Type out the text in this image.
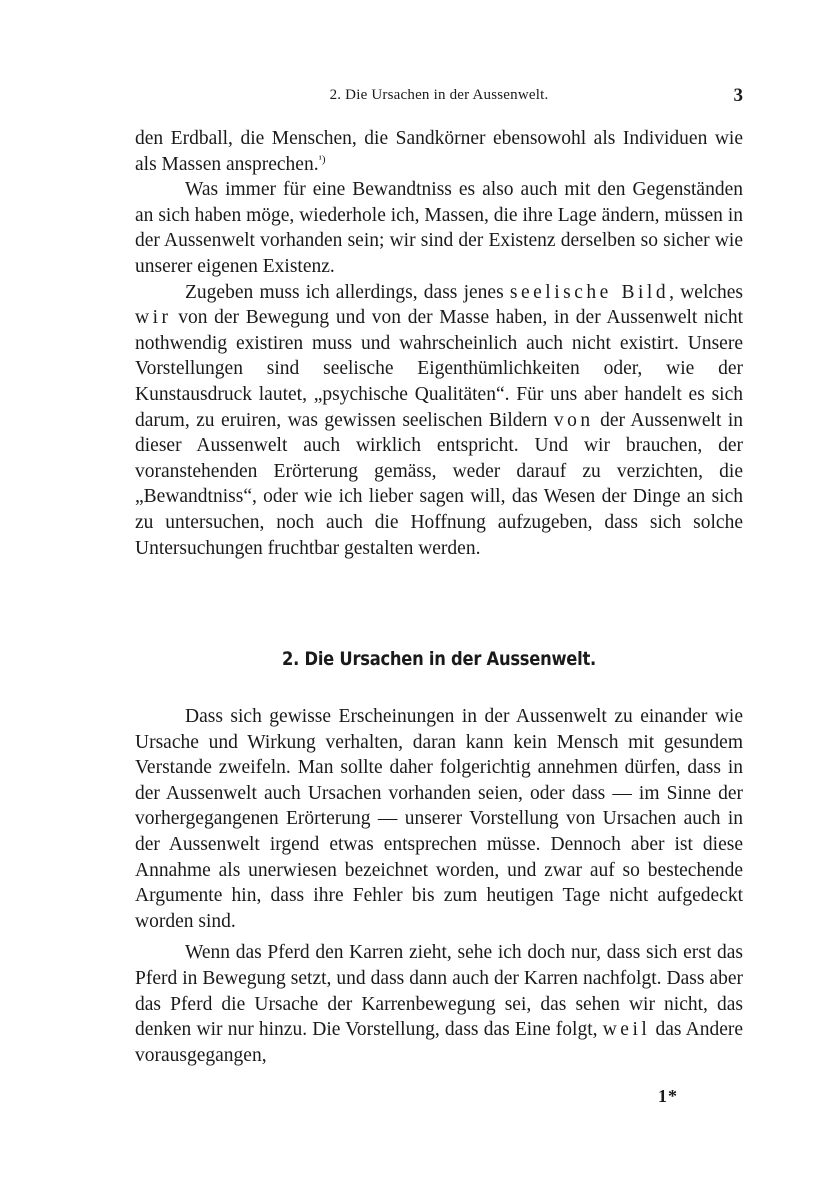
2. Die Ursachen in der Aussenwelt.	3

den Erdball, die Menschen, die Sandkörner ebensowohl als Individuen wie als Massen ansprechen.$^{^1)}$

Was immer für eine Bewandtniss es also auch mit den Gegenständen an sich haben möge, wiederhole ich, Massen, die ihre Lage ändern, müssen in der Aussenwelt vorhanden sein; wir sind der Existenz derselben so sicher wie unserer eigenen Existenz.

Zugeben muss ich allerdings, dass jenes seelische Bild, welches wir von der Bewegung und von der Masse haben, in der Aussenwelt nicht nothwendig existiren muss und wahrscheinlich auch nicht existirt. Unsere Vorstellungen sind seelische Eigenthümlichkeiten oder, wie der Kunstausdruck lautet, „psychische Qualitäten“. Für uns aber handelt es sich darum, zu eruiren, was gewissen seelischen Bildern von der Aussenwelt in dieser Aussenwelt auch wirklich entspricht. Und wir brauchen, der voranstehenden Erörterung gemäss, weder darauf zu verzichten, die „Bewandtniss“, oder wie ich lieber sagen will, das Wesen der Dinge an sich zu untersuchen, noch auch die Hoffnung aufzugeben, dass sich solche Untersuchungen fruchtbar gestalten werden.

2. Die Ursachen in der Aussenwelt.

Dass sich gewisse Erscheinungen in der Aussenwelt zu einander wie Ursache und Wirkung verhalten, daran kann kein Mensch mit gesundem Verstande zweifeln. Man sollte daher folgerichtig annehmen dürfen, dass in der Aussenwelt auch Ursachen vorhanden seien, oder dass — im Sinne der vorhergegangenen Erörterung — unserer Vorstellung von Ursachen auch in der Aussenwelt irgend etwas entsprechen müsse. Dennoch aber ist diese Annahme als unerwiesen bezeichnet worden, und zwar auf so bestechende Argumente hin, dass ihre Fehler bis zum heutigen Tage nicht aufgedeckt worden sind.

Wenn das Pferd den Karren zieht, sehe ich doch nur, dass sich erst das Pferd in Bewegung setzt, und dass dann auch der Karren nachfolgt. Dass aber das Pferd die Ursache der Karrenbewegung sei, das sehen wir nicht, das denken wir nur hinzu. Die Vorstellung, dass das Eine folgt, weil das Andere vorausgegangen,

1*
